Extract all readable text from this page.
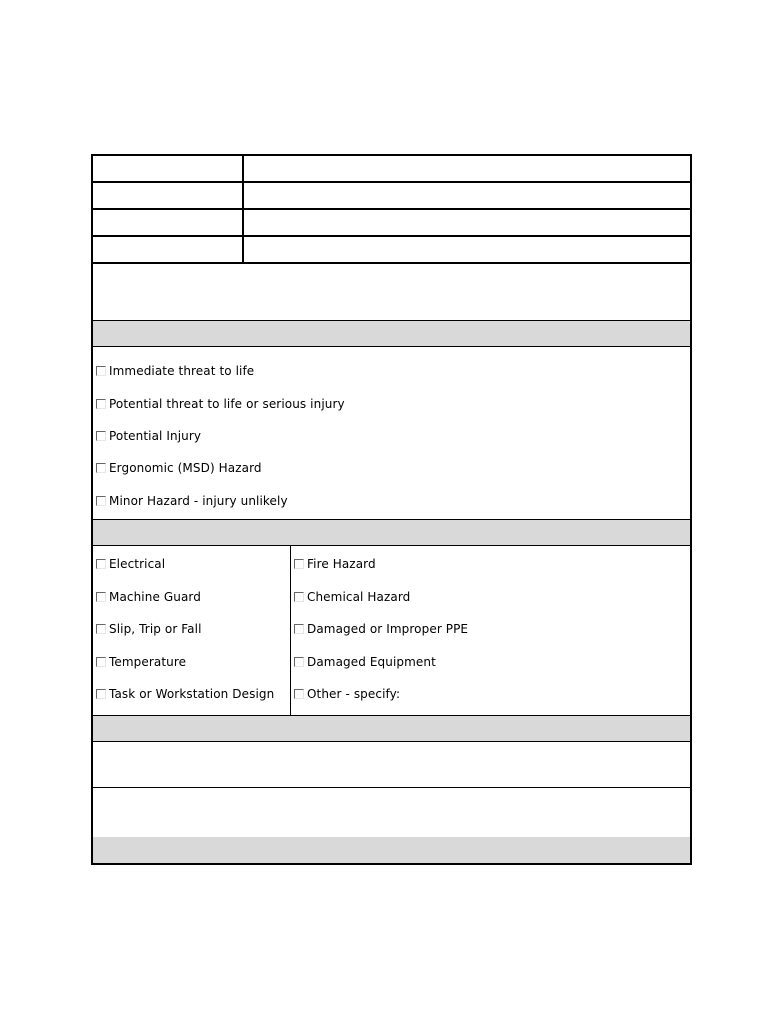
Immediate threat to life
Potential threat to life or serious injury
Potential Injury
Ergonomic (MSD) Hazard
Minor Hazard - injury unlikely
Electrical
Machine Guard
Slip, Trip or Fall
Temperature
Task or Workstation Design
Fire Hazard
Chemical Hazard
Damaged or Improper PPE
Damaged Equipment
Other - specify:
